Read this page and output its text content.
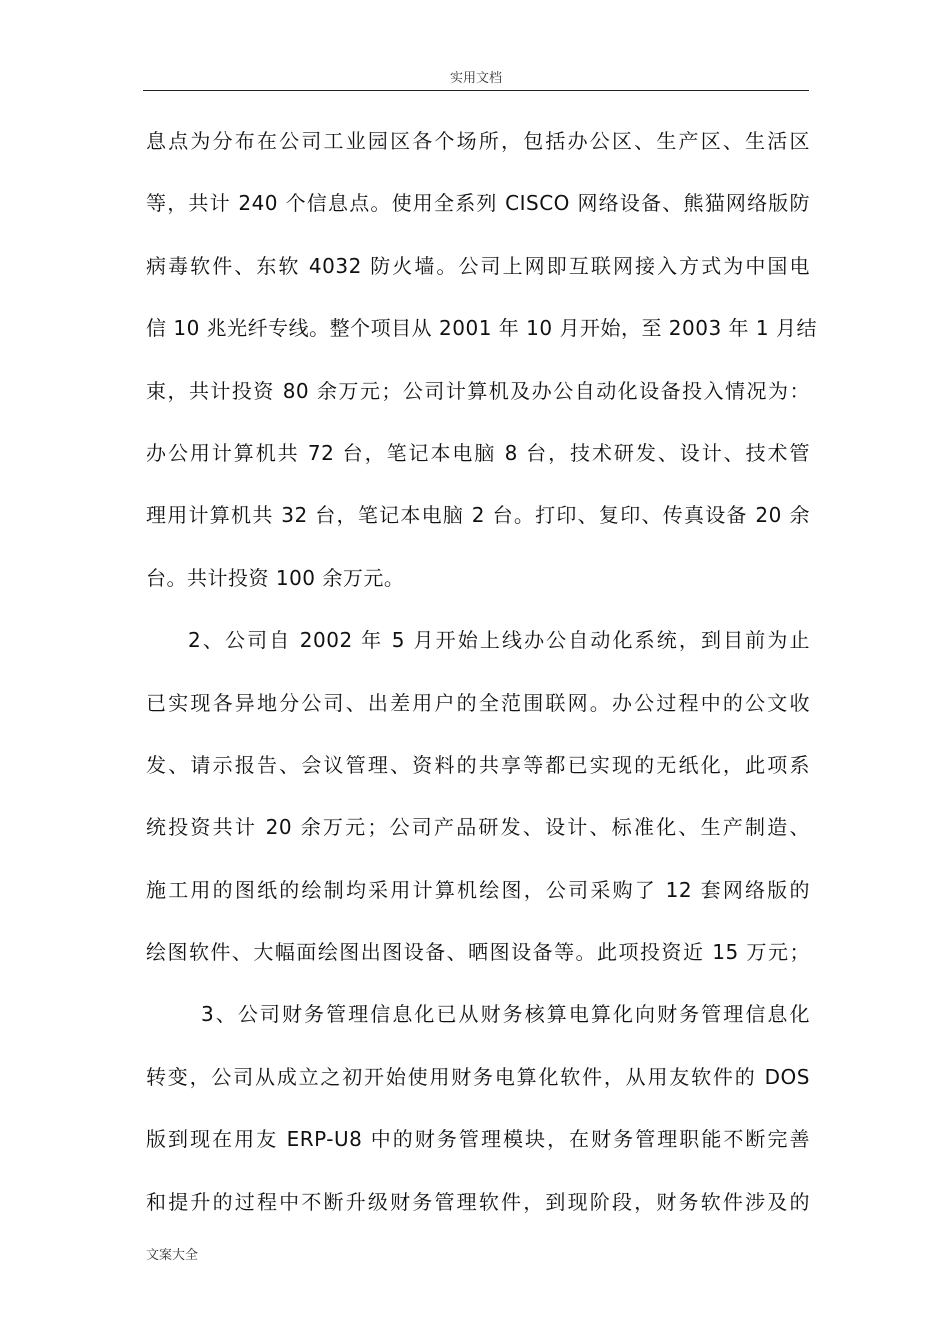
实用文档
息点为分布在公司工业园区各个场所，包括办公区、生产区、生活区
等，共计 240 个信息点。使用全系列 CISCO 网络设备、熊猫网络版防
病毒软件、东软 4032 防火墙。公司上网即互联网接入方式为中国电
信 10 兆光纤专线。整个项目从 2001 年 10 月开始，至 2003 年 1 月结
束，共计投资 80 余万元；公司计算机及办公自动化设备投入情况为：
办公用计算机共 72 台，笔记本电脑 8 台，技术研发、设计、技术管
理用计算机共 32 台，笔记本电脑 2 台。打印、复印、传真设备 20 余
台。共计投资 100 余万元。
2、公司自 2002 年 5 月开始上线办公自动化系统，到目前为止
已实现各异地分公司、出差用户的全范围联网。办公过程中的公文收
发、请示报告、会议管理、资料的共享等都已实现的无纸化，此项系
统投资共计 20 余万元；公司产品研发、设计、标准化、生产制造、
施工用的图纸的绘制均采用计算机绘图，公司采购了 12 套网络版的
绘图软件、大幅面绘图出图设备、晒图设备等。此项投资近 15 万元；
3、公司财务管理信息化已从财务核算电算化向财务管理信息化
转变，公司从成立之初开始使用财务电算化软件，从用友软件的 DOS
版到现在用友 ERP-U8 中的财务管理模块，在财务管理职能不断完善
和提升的过程中不断升级财务管理软件，到现阶段，财务软件涉及的
文案大全
